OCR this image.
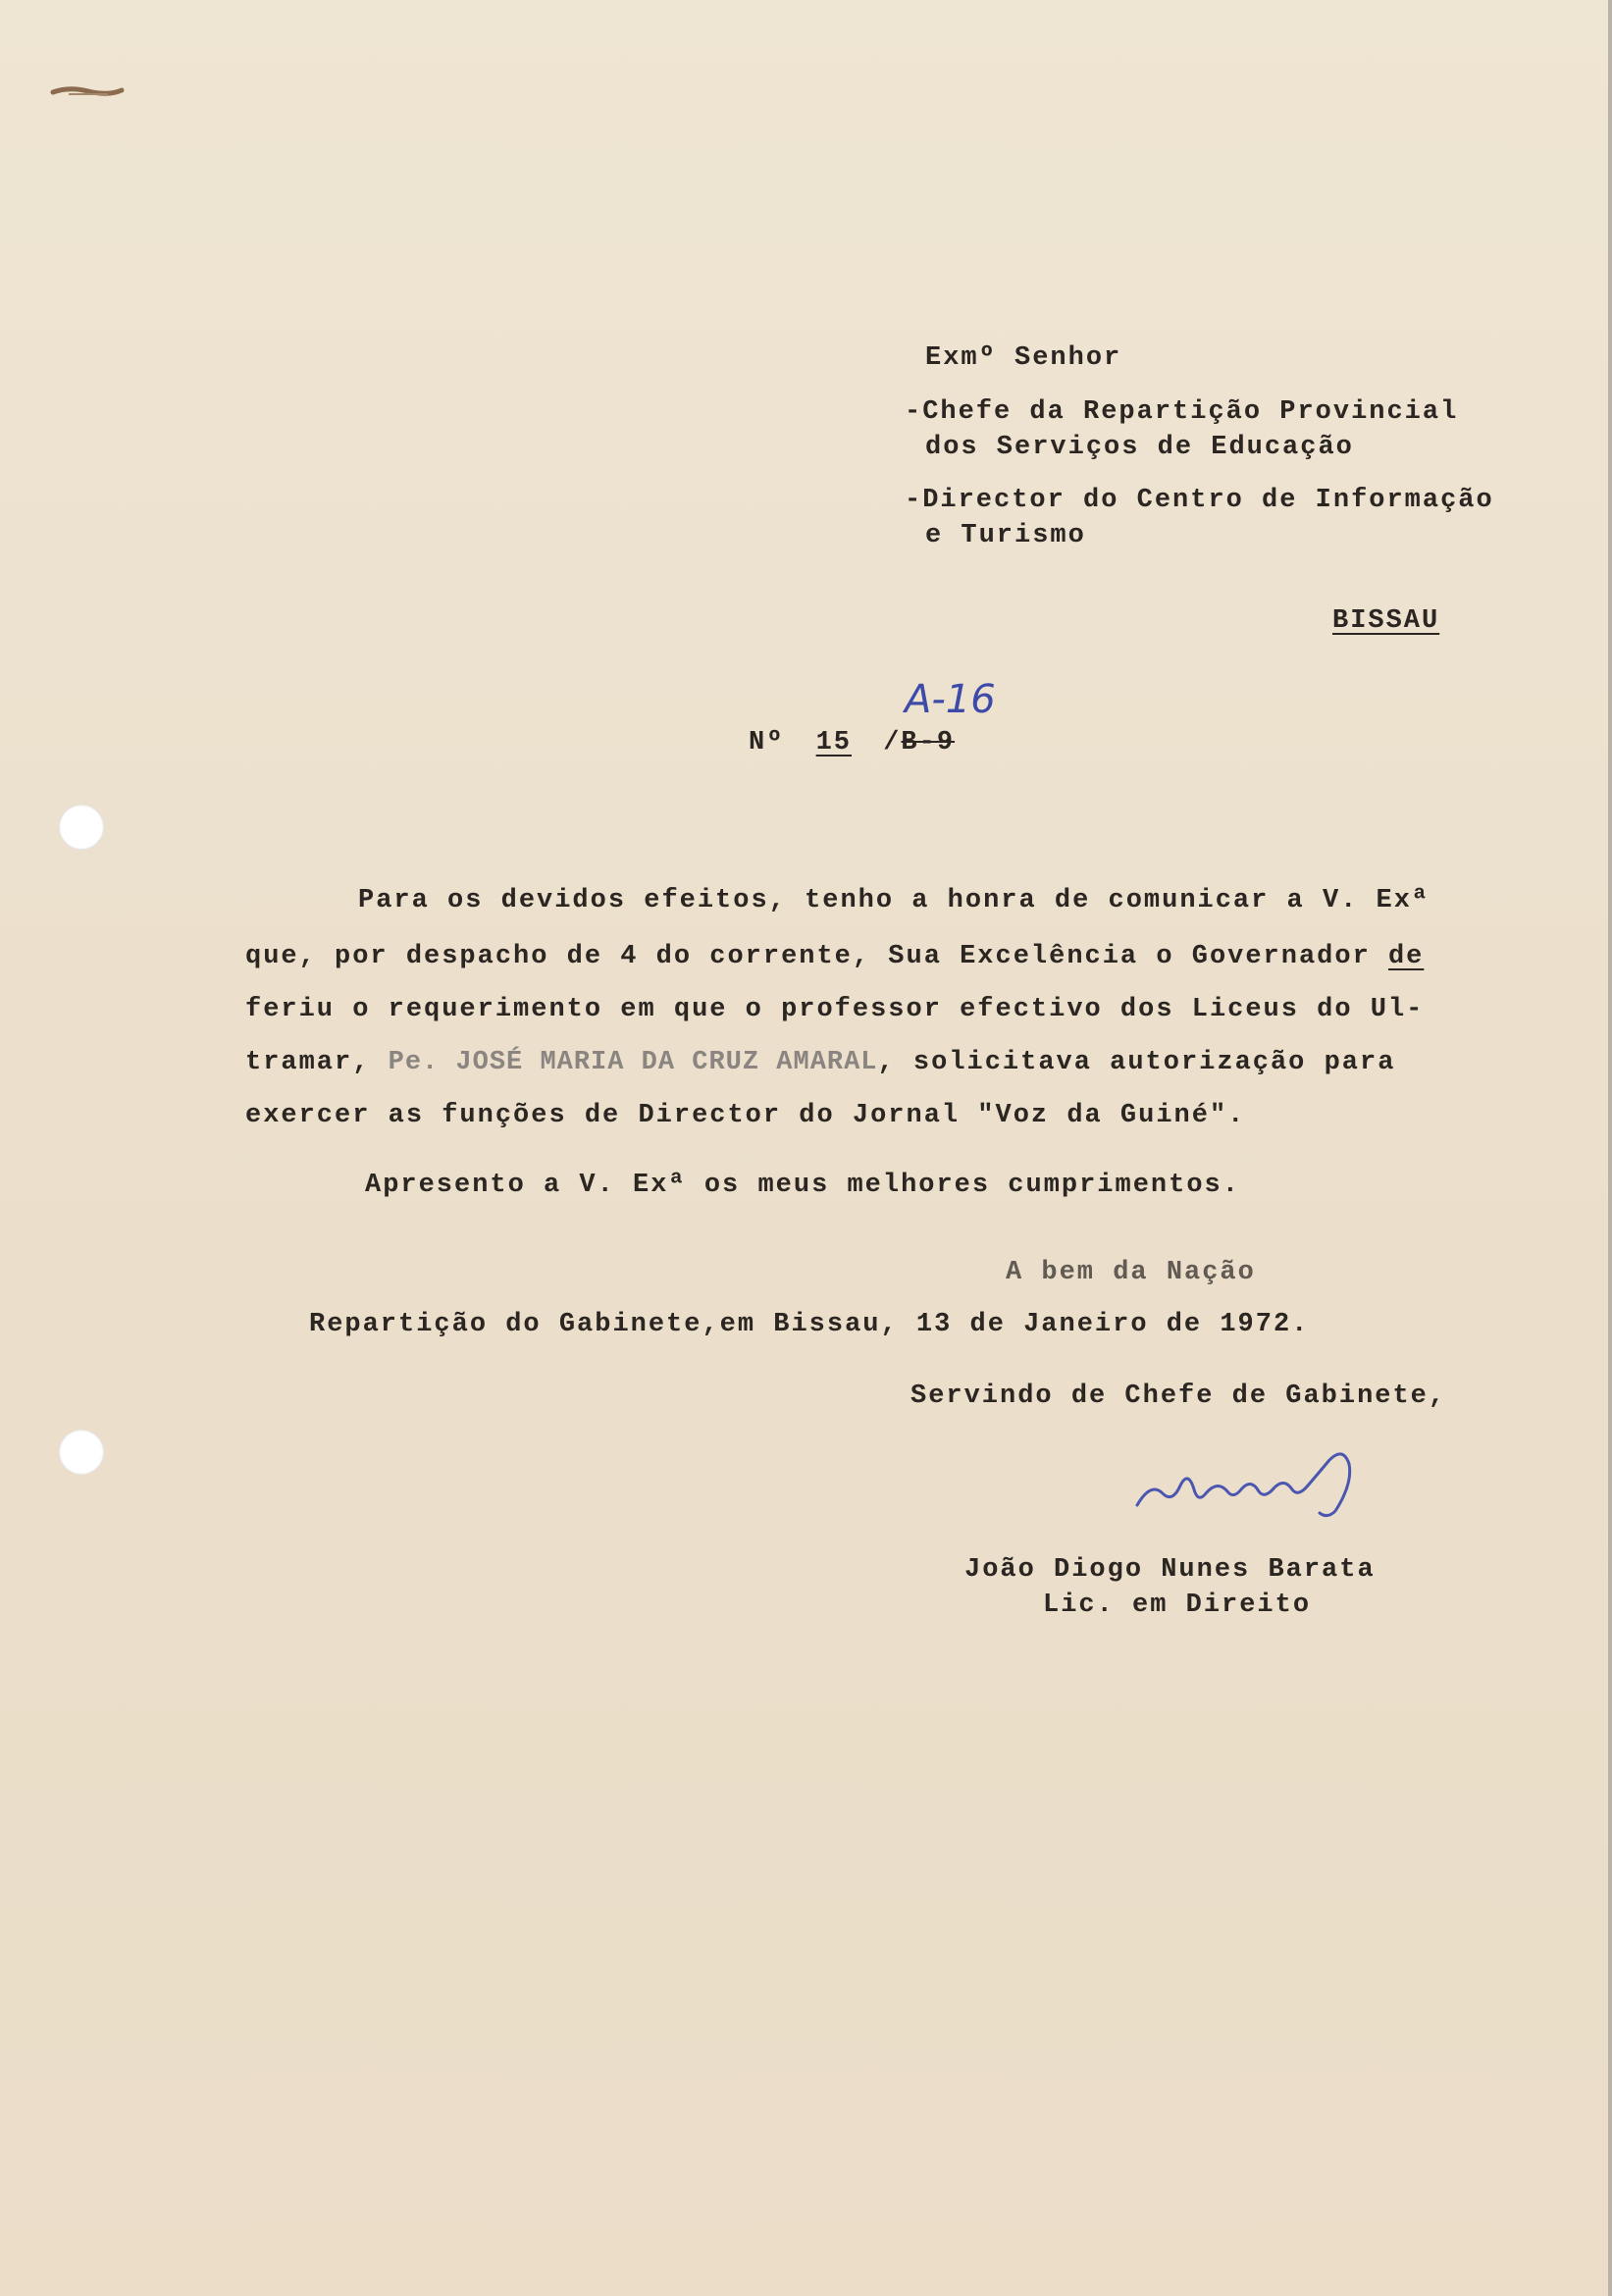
Exmº Senhor
-Chefe da Repartição Provincial
dos Serviços de Educação
-Director do Centro de Informação
e Turismo
BISSAU
A-16
Nº 15 /B-9
Para os devidos efeitos, tenho a honra de comunicar a V. Exª
que, por despacho de 4 do corrente, Sua Excelência o Governador de
feriu o requerimento em que o professor efectivo dos Liceus do Ul-
tramar, Pe. JOSÉ MARIA DA CRUZ AMARAL, solicitava autorização para
exercer as funções de Director do Jornal "Voz da Guiné".
Apresento a V. Exª os meus melhores cumprimentos.
A bem da Nação
Repartição do Gabinete,em Bissau, 13 de Janeiro de 1972.
Servindo de Chefe de Gabinete,
João Diogo Nunes Barata
Lic. em Direito
